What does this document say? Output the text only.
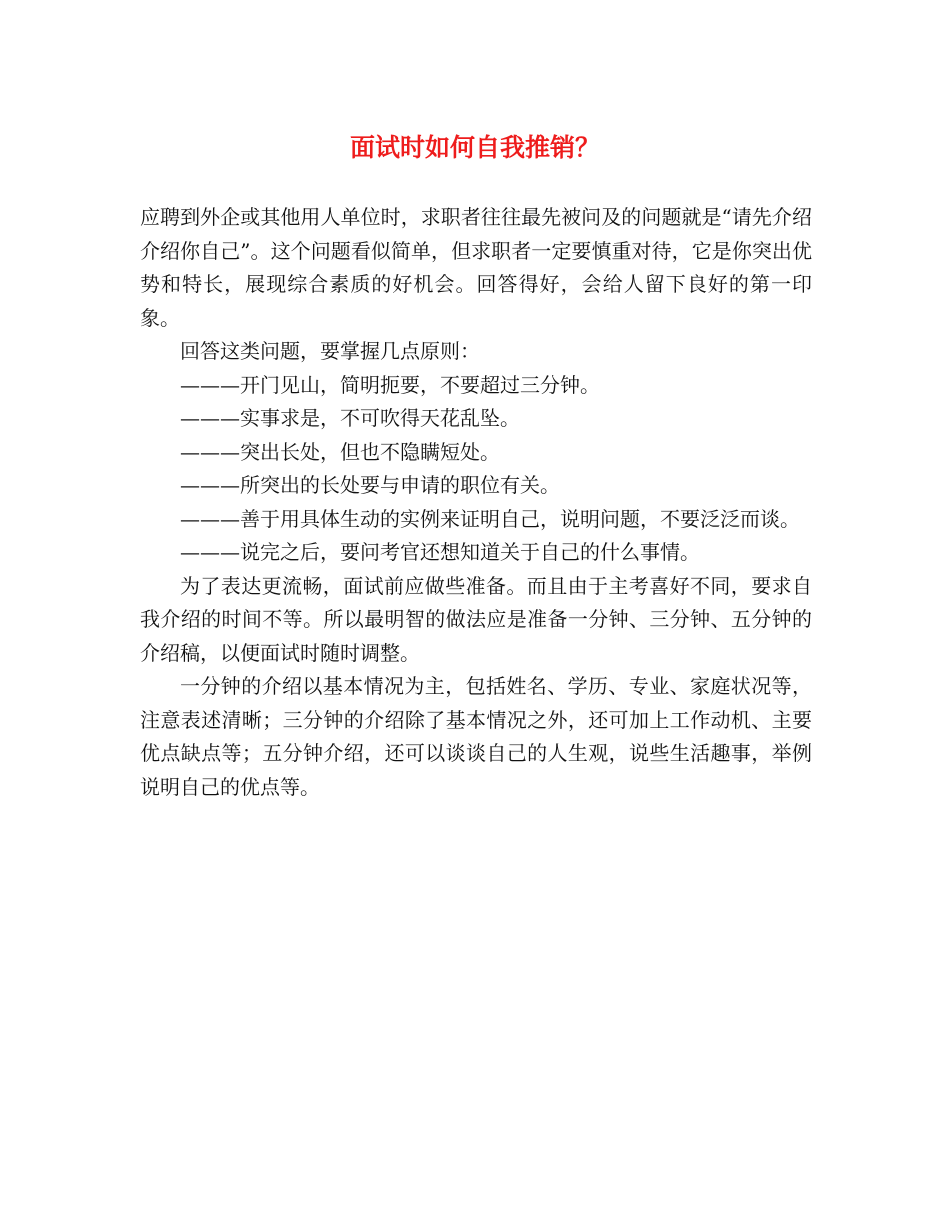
面试时如何自我推销？

应聘到外企或其他用人单位时，求职者往往最先被问及的问题就是“请先介绍介绍你自己”。这个问题看似简单，但求职者一定要慎重对待，它是你突出优势和特长，展现综合素质的好机会。回答得好，会给人留下良好的第一印象。

回答这类问题，要掌握几点原则：

———开门见山，简明扼要，不要超过三分钟。

———实事求是，不可吹得天花乱坠。

———突出长处，但也不隐瞒短处。

———所突出的长处要与申请的职位有关。

———善于用具体生动的实例来证明自己，说明问题，不要泛泛而谈。

———说完之后，要问考官还想知道关于自己的什么事情。

为了表达更流畅，面试前应做些准备。而且由于主考喜好不同，要求自我介绍的时间不等。所以最明智的做法应是准备一分钟、三分钟、五分钟的介绍稿，以便面试时随时调整。

一分钟的介绍以基本情况为主，包括姓名、学历、专业、家庭状况等，注意表述清晰；三分钟的介绍除了基本情况之外，还可加上工作动机、主要优点缺点等；五分钟介绍，还可以谈谈自己的人生观，说些生活趣事，举例说明自己的优点等。
